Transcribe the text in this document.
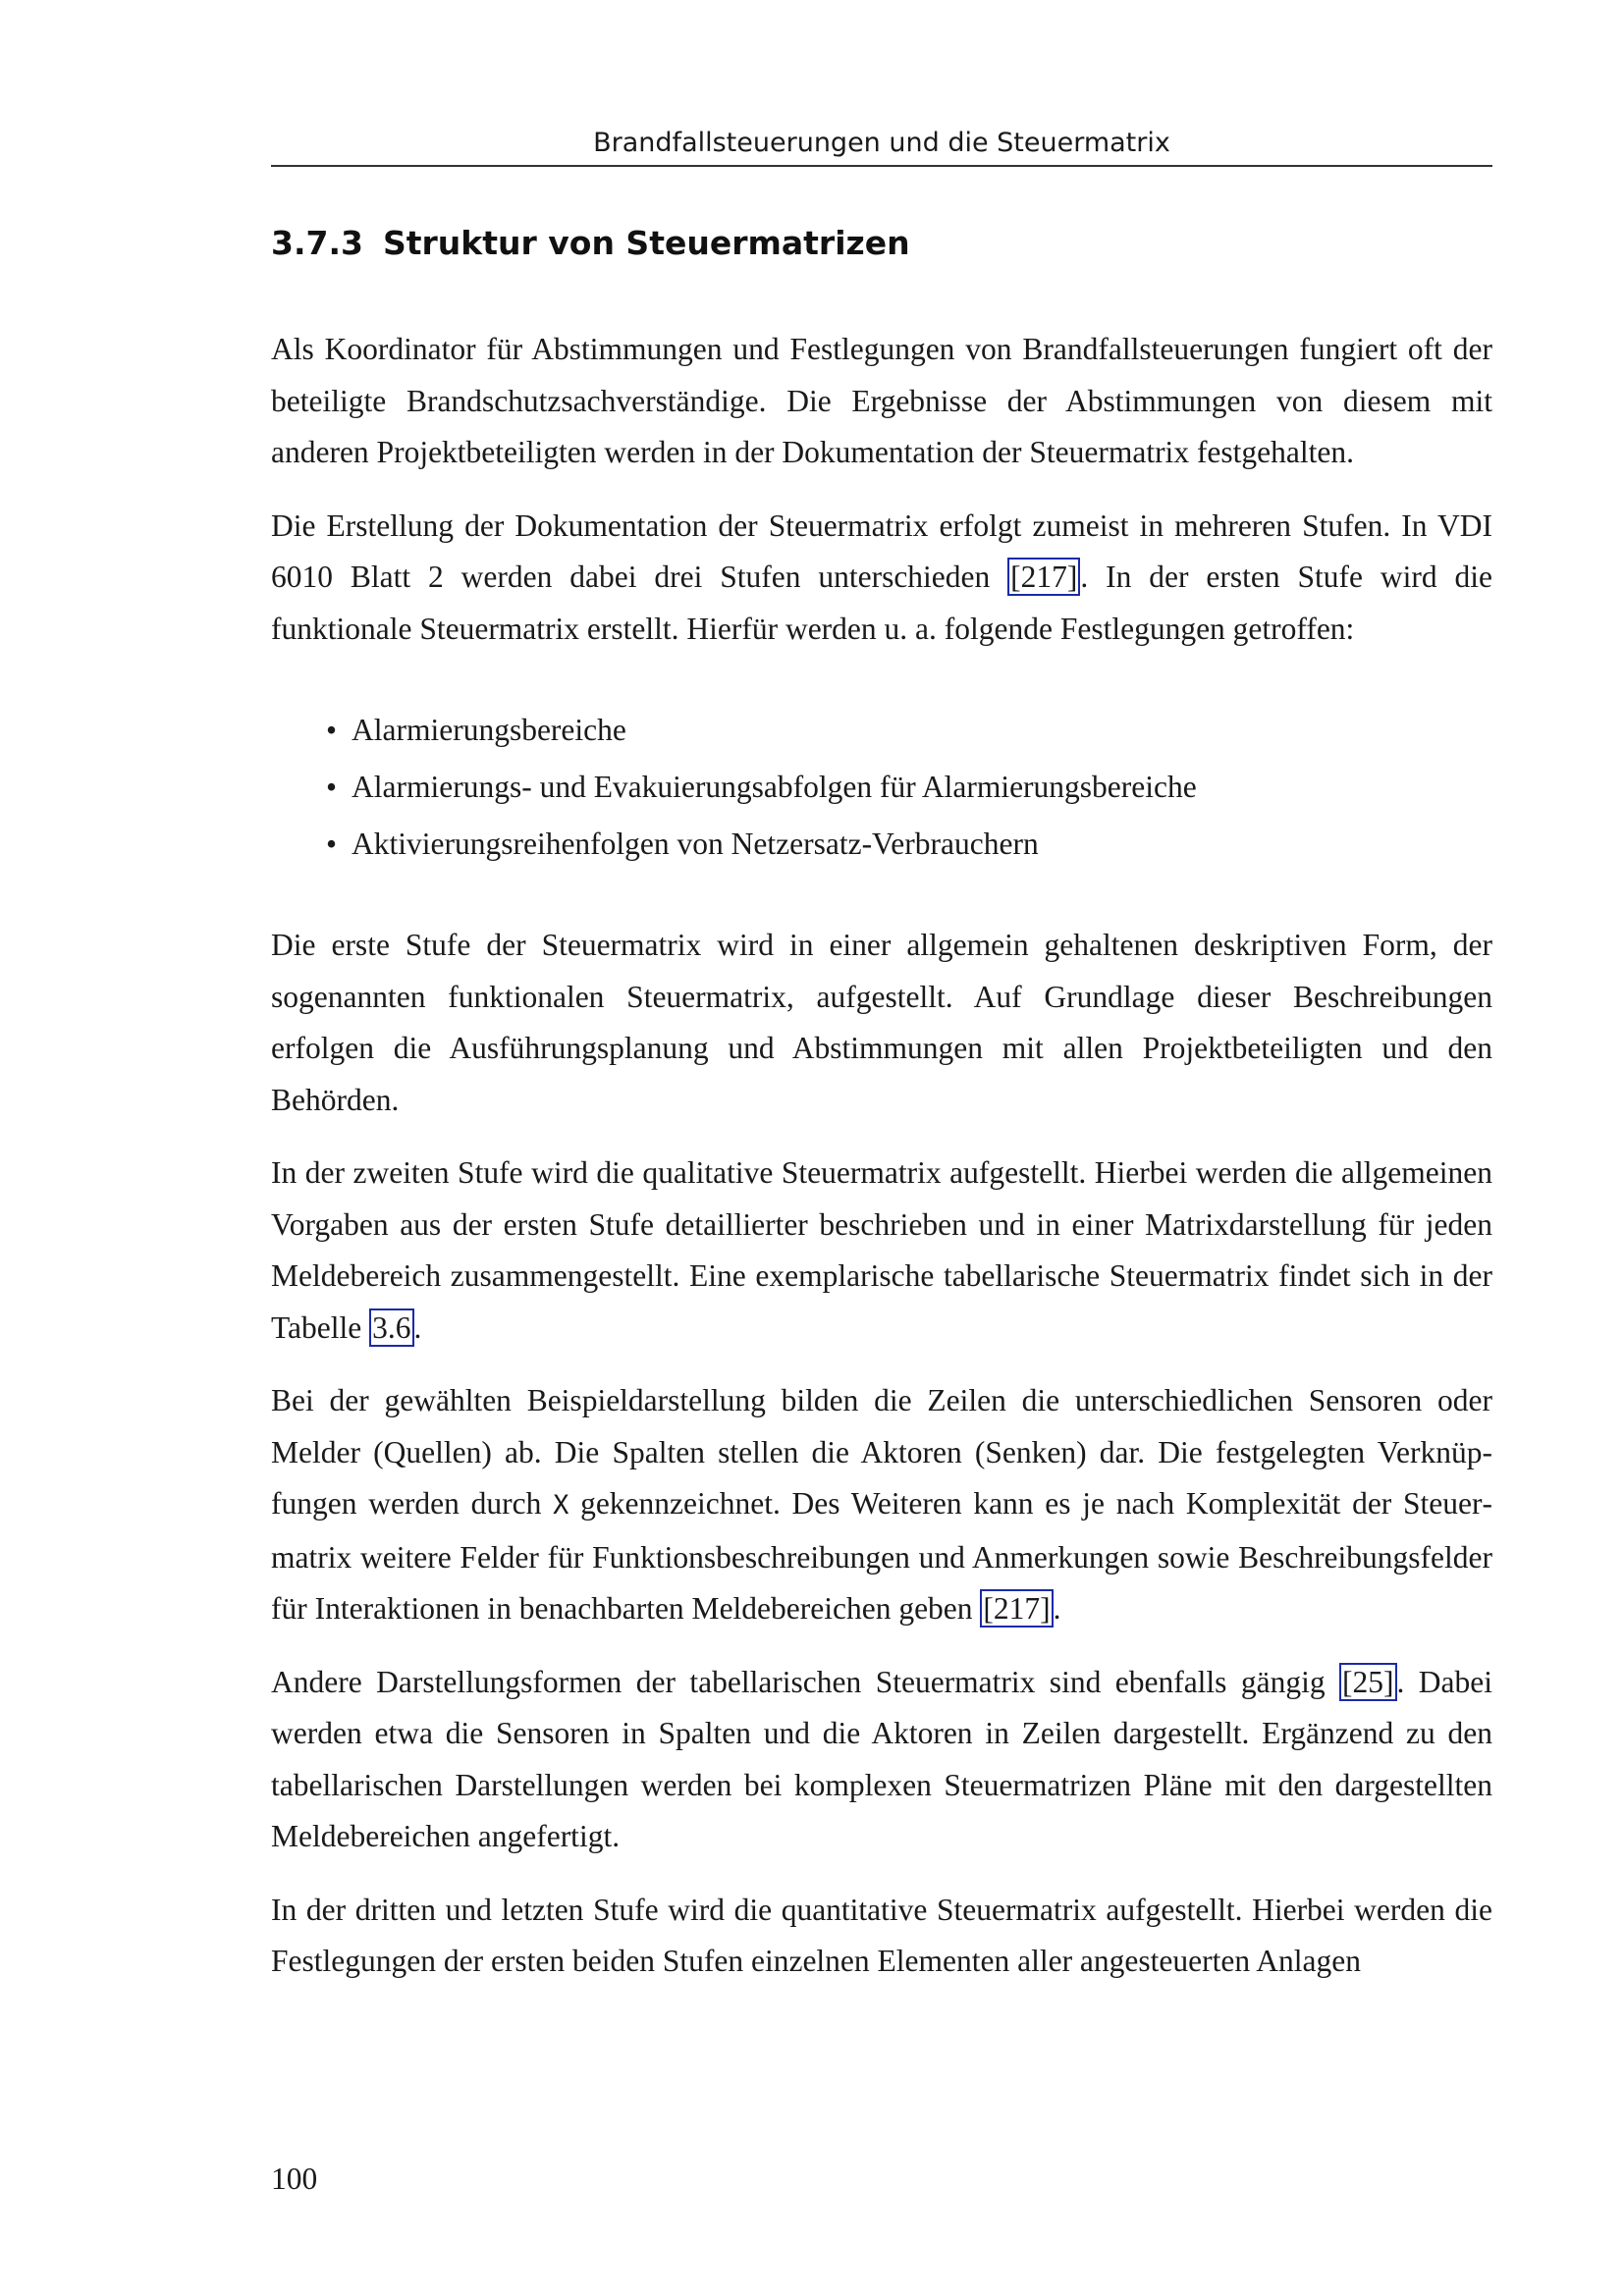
Brandfallsteuerungen und die Steuermatrix
3.7.3 Struktur von Steuermatrizen

Als Koordinator für Abstimmungen und Festlegungen von Brandfallsteuerungen fungiert oft der beteiligte Brandschutzsachverständige. Die Ergebnisse der Abstimmungen von diesem mit anderen Projektbeteiligten werden in der Dokumentation der Steuermatrix festgehalten.

Die Erstellung der Dokumentation der Steuermatrix erfolgt zumeist in mehreren Stufen. In VDI 6010 Blatt 2 werden dabei drei Stufen unterschieden [217]. In der ersten Stufe wird die funktionale Steuermatrix erstellt. Hierfür werden u. a. folgende Festlegungen getroffen:

• Alarmierungsbereiche
• Alarmierungs- und Evakuierungsabfolgen für Alarmierungsbereiche
• Aktivierungsreihenfolgen von Netzersatz-Verbrauchern

Die erste Stufe der Steuermatrix wird in einer allgemein gehaltenen deskriptiven Form, der sogenannten funktionalen Steuermatrix, aufgestellt. Auf Grundlage dieser Beschreibungen erfolgen die Ausführungsplanung und Abstimmungen mit allen Projektbeteiligten und den Behörden.

In der zweiten Stufe wird die qualitative Steuermatrix aufgestellt. Hierbei werden die allgemeinen Vorgaben aus der ersten Stufe detaillierter beschrieben und in einer Matrixdarstellung für jeden Meldebereich zusammengestellt. Eine exemplarische tabellarische Steuermatrix findet sich in der Tabelle 3.6.

Bei der gewählten Beispieldarstellung bilden die Zeilen die unterschiedlichen Sensoren oder Melder (Quellen) ab. Die Spalten stellen die Aktoren (Senken) dar. Die festgelegten Verknüpfungen werden durch X gekennzeichnet. Des Weiteren kann es je nach Komplexität der Steuermatrix weitere Felder für Funktionsbeschreibungen und Anmerkungen sowie Beschreibungsfelder für Interaktionen in benachbarten Meldebereichen geben [217].

Andere Darstellungsformen der tabellarischen Steuermatrix sind ebenfalls gängig [25]. Dabei werden etwa die Sensoren in Spalten und die Aktoren in Zeilen dargestellt. Ergänzend zu den tabellarischen Darstellungen werden bei komplexen Steuermatrizen Pläne mit den dargestellten Meldebereichen angefertigt.

In der dritten und letzten Stufe wird die quantitative Steuermatrix aufgestellt. Hierbei werden die Festlegungen der ersten beiden Stufen einzelnen Elementen aller angesteuerten Anlagen

100
